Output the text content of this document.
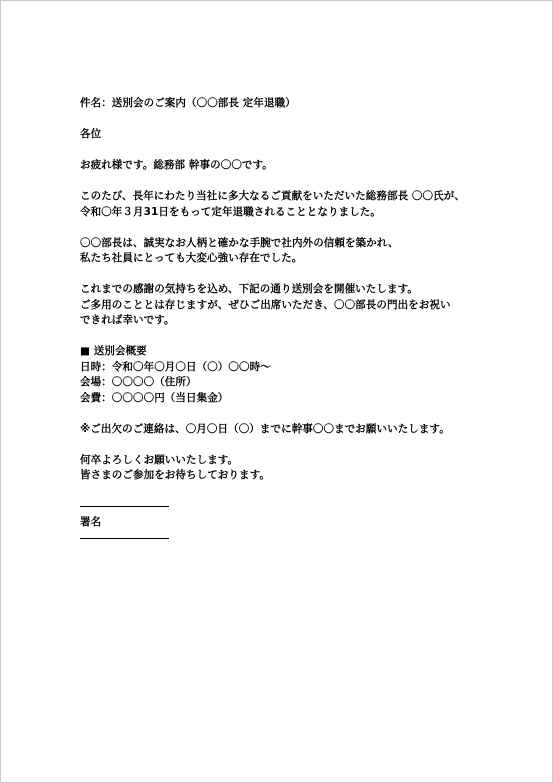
件名：送別会のご案内（〇〇部長 定年退職）
各位
お疲れ様です。総務部 幹事の〇〇です。
このたび、長年にわたり当社に多大なるご貢献をいただいた総務部長 〇〇氏が、
令和〇年３月31日をもって定年退職されることとなりました。
〇〇部長は、誠実なお人柄と確かな手腕で社内外の信頼を築かれ、
私たち社員にとっても大変心強い存在でした。
これまでの感謝の気持ちを込め、下記の通り送別会を開催いたします。
ご多用のこととは存じますが、ぜひご出席いただき、〇〇部長の門出をお祝い
できれば幸いです。
■ 送別会概要
日時：令和〇年〇月〇日（〇）〇〇時～
会場：〇〇〇〇（住所）
会費：〇〇〇〇円（当日集金）
※ご出欠のご連絡は、〇月〇日（〇）までに幹事〇〇までお願いいたします。
何卒よろしくお願いいたします。
皆さまのご参加をお待ちしております。
署名
